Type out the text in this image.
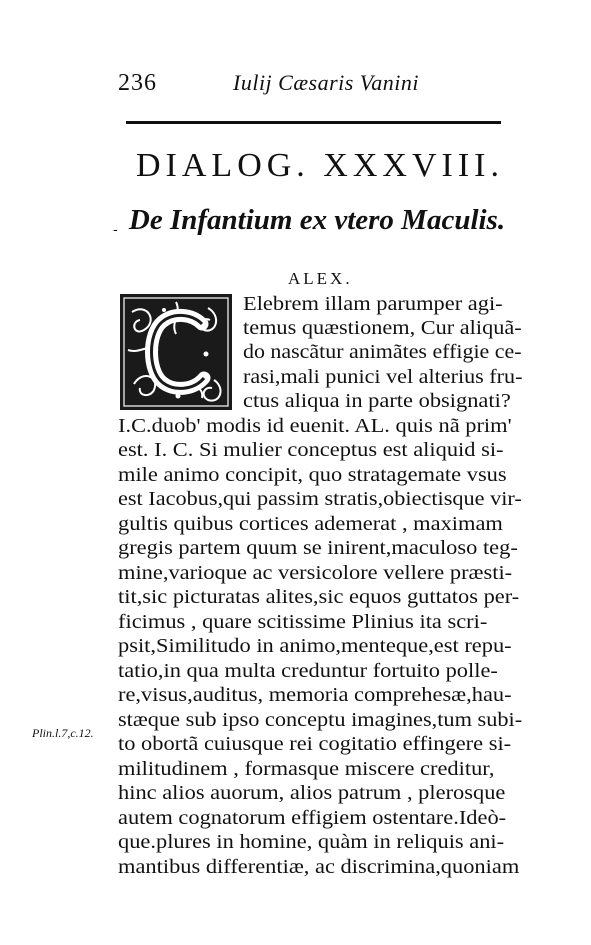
236	Iulij Cæsaris Vanini
DIALOG. XXXVIII.
- De Infantium ex vtero Maculis.
ALEX.
C
Elebrem illam parumper agi-
temus quæstionem, Cur aliquã-
do nascãtur animãtes effigie ce-
rasi,mali punici vel alterius fru-
ctus aliqua in parte obsignati?
I.C.duob' modis id euenit. AL. quis nã prim'
est. I. C. Si mulier conceptus est aliquid si-
mile animo concipit, quo stratagemate vsus
est Iacobus,qui passim stratis,obiectisque vir-
gultis quibus cortices ademerat , maximam
gregis partem quum se inirent,maculoso teg-
mine,varioque ac versicolore vellere præsti-
tit,sic picturatas alites,sic equos guttatos per-
ficimus , quare scitissime Plinius ita scri-
psit,Similitudo in animo,menteque,est repu-
tatio,in qua multa creduntur fortuito polle-
re,visus,auditus, memoria comprehesæ,hau-
stæque sub ipso conceptu imagines,tum subi-
to obortã cuiusque rei cogitatio effingere si-
militudinem , formasque miscere creditur,
hinc alios auorum, alios patrum , plerosque
autem cognatorum effigiem ostentare.Ideò-
que.plures in homine, quàm in reliquis ani-
mantibus differentiæ, ac discrimina,quoniam
Plin.l.7,c.12.
